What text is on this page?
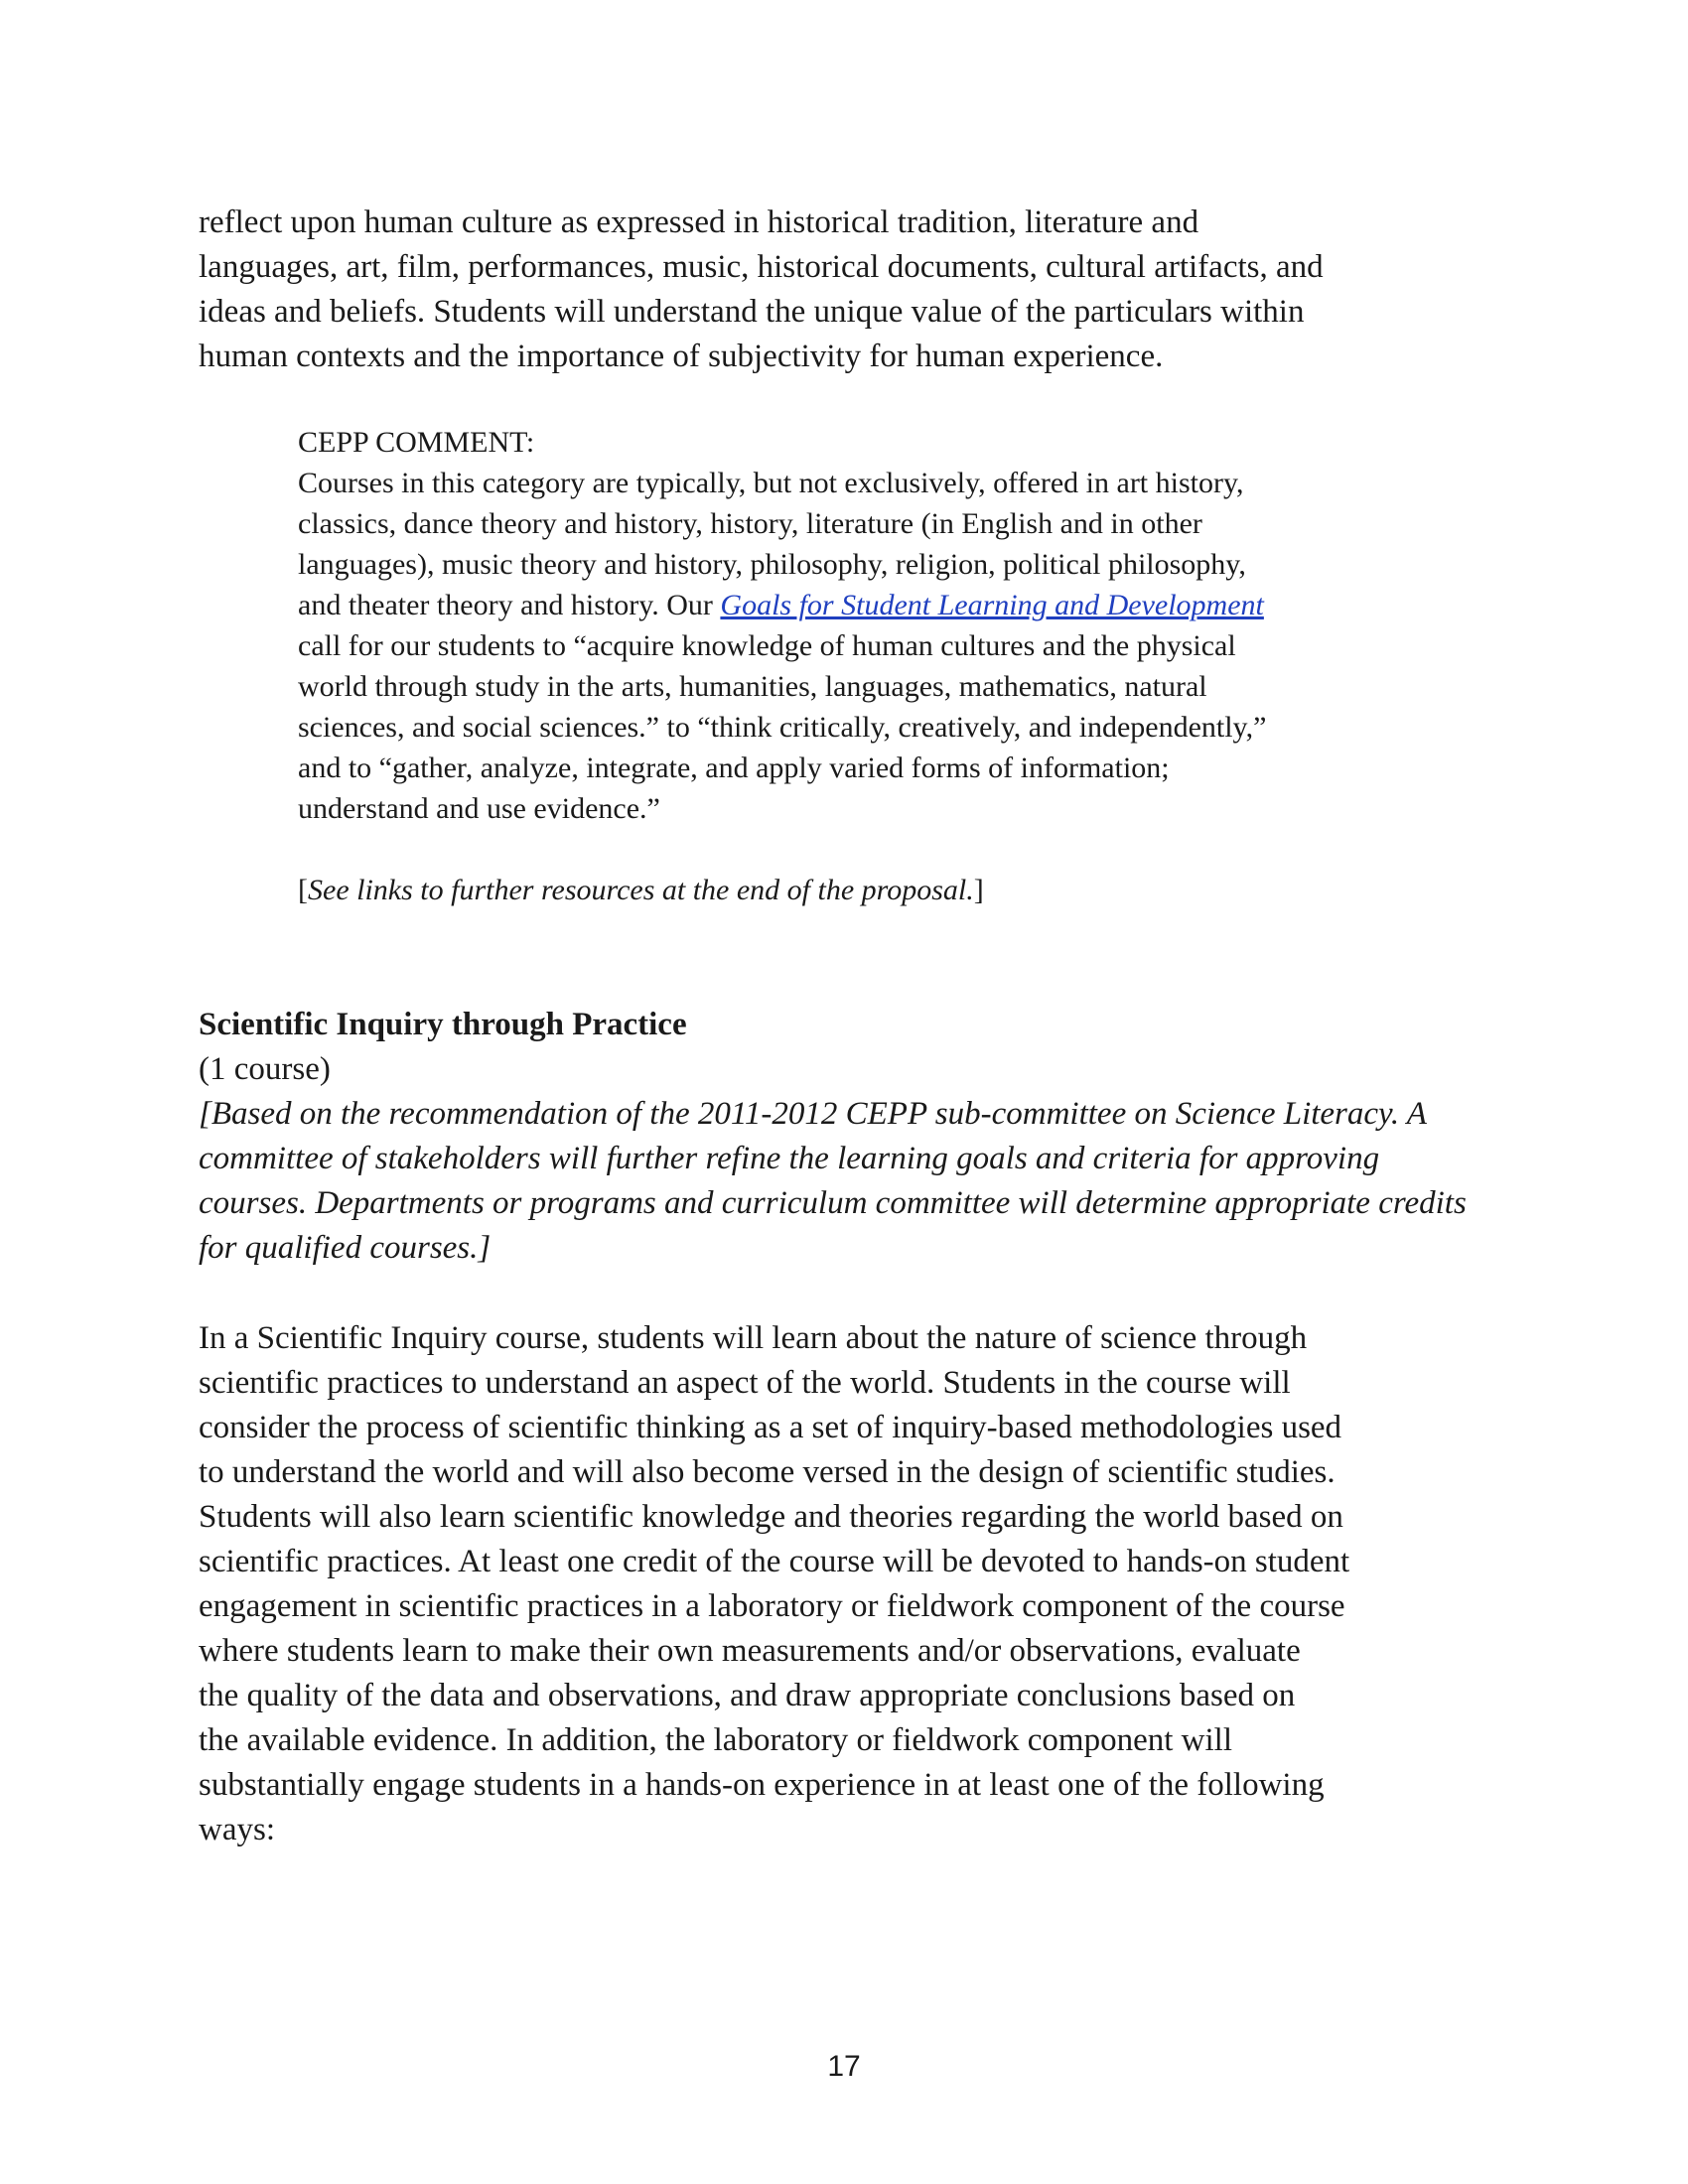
reflect upon human culture as expressed in historical tradition, literature and
languages, art, film, performances, music, historical documents, cultural artifacts, and
ideas and beliefs. Students will understand the unique value of the particulars within
human contexts and the importance of subjectivity for human experience.
CEPP COMMENT:
Courses in this category are typically, but not exclusively, offered in art history,
classics, dance theory and history, history, literature (in English and in other
languages), music theory and history, philosophy, religion, political philosophy,
and theater theory and history. Our Goals for Student Learning and Development
call for our students to “acquire knowledge of human cultures and the physical
world through study in the arts, humanities, languages, mathematics, natural
sciences, and social sciences.” to “think critically, creatively, and independently,”
and to “gather, analyze, integrate, and apply varied forms of information;
understand and use evidence.”
[See links to further resources at the end of the proposal.]
Scientific Inquiry through Practice
(1 course)
[Based on the recommendation of the 2011-2012 CEPP sub-committee on Science Literacy. A
committee of stakeholders will further refine the learning goals and criteria for approving
courses. Departments or programs and curriculum committee will determine appropriate credits
for qualified courses.]
In a Scientific Inquiry course, students will learn about the nature of science through
scientific practices to understand an aspect of the world. Students in the course will
consider the process of scientific thinking as a set of inquiry-based methodologies used
to understand the world and will also become versed in the design of scientific studies.
Students will also learn scientific knowledge and theories regarding the world based on
scientific practices. At least one credit of the course will be devoted to hands-on student
engagement in scientific practices in a laboratory or fieldwork component of the course
where students learn to make their own measurements and/or observations, evaluate
the quality of the data and observations, and draw appropriate conclusions based on
the available evidence. In addition, the laboratory or fieldwork component will
substantially engage students in a hands-on experience in at least one of the following
ways:
17
